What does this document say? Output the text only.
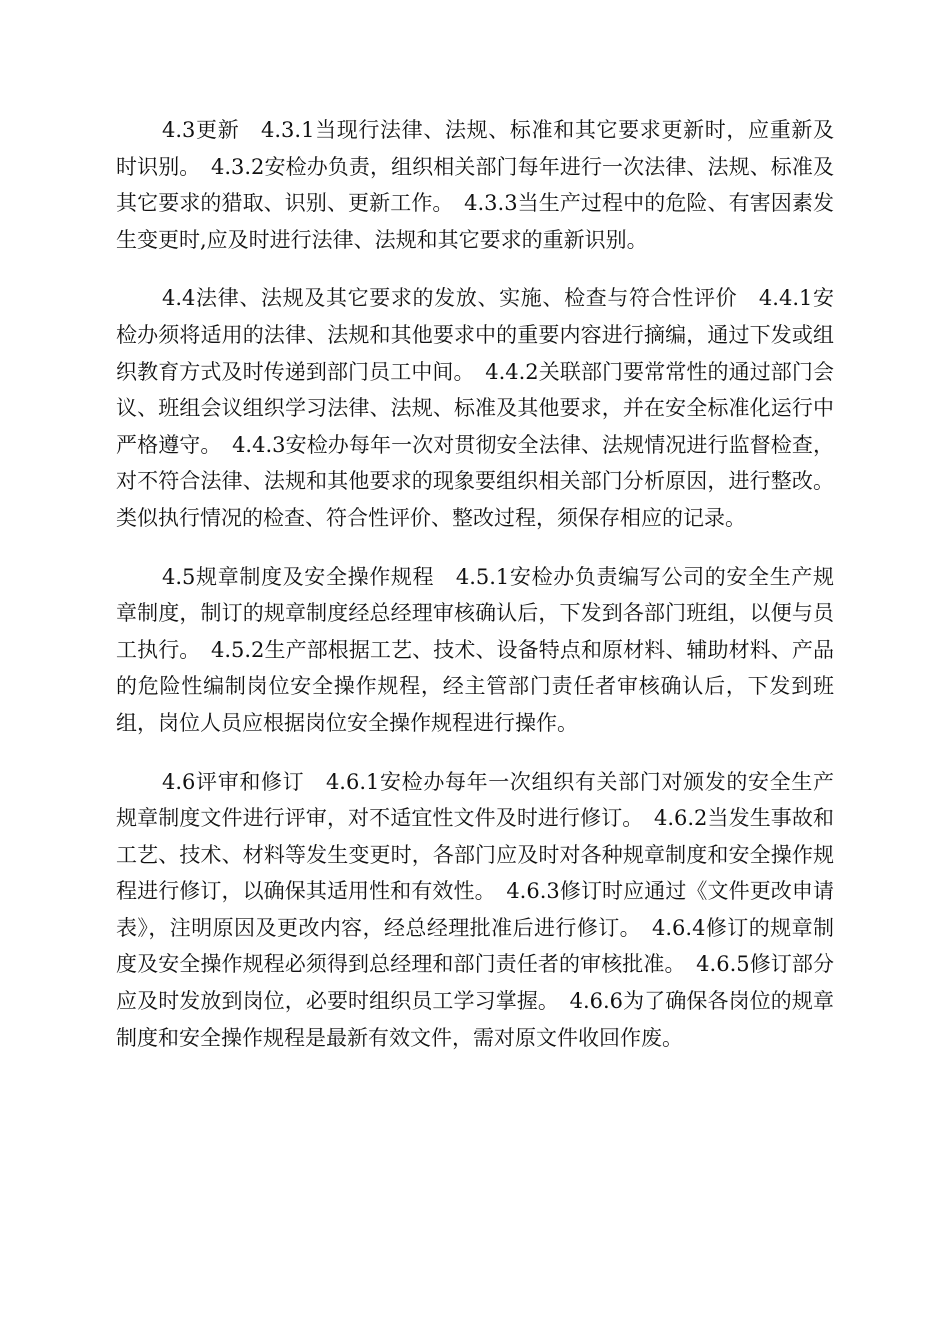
4.3更新　4.3.1当现行法律、法规、标准和其它要求更新时，应重新及时识别。　4.3.2安检办负责，组织相关部门每年进行一次法律、法规、标准及其它要求的猎取、识别、更新工作。　4.3.3当生产过程中的危险、有害因素发生变更时,应及时进行法律、法规和其它要求的重新识别。

4.4法律、法规及其它要求的发放、实施、检查与符合性评价　4.4.1安检办须将适用的法律、法规和其他要求中的重要内容进行摘编，通过下发或组织教育方式及时传递到部门员工中间。　4.4.2关联部门要常常性的通过部门会议、班组会议组织学习法律、法规、标准及其他要求，并在安全标准化运行中严格遵守。　4.4.3安检办每年一次对贯彻安全法律、法规情况进行监督检查，对不符合法律、法规和其他要求的现象要组织相关部门分析原因，进行整改。类似执行情况的检查、符合性评价、整改过程，须保存相应的记录。

4.5规章制度及安全操作规程　4.5.1安检办负责编写公司的安全生产规章制度，制订的规章制度经总经理审核确认后，下发到各部门班组，以便与员工执行。　4.5.2生产部根据工艺、技术、设备特点和原材料、辅助材料、产品的危险性编制岗位安全操作规程，经主管部门责任者审核确认后，下发到班组，岗位人员应根据岗位安全操作规程进行操作。

4.6评审和修订　4.6.1安检办每年一次组织有关部门对颁发的安全生产规章制度文件进行评审，对不适宜性文件及时进行修订。　4.6.2当发生事故和工艺、技术、材料等发生变更时，各部门应及时对各种规章制度和安全操作规程进行修订，以确保其适用性和有效性。　4.6.3修订时应通过《文件更改申请表》，注明原因及更改内容，经总经理批准后进行修订。　4.6.4修订的规章制度及安全操作规程必须得到总经理和部门责任者的审核批准。　4.6.5修订部分应及时发放到岗位，必要时组织员工学习掌握。　4.6.6为了确保各岗位的规章制度和安全操作规程是最新有效文件，需对原文件收回作废。
